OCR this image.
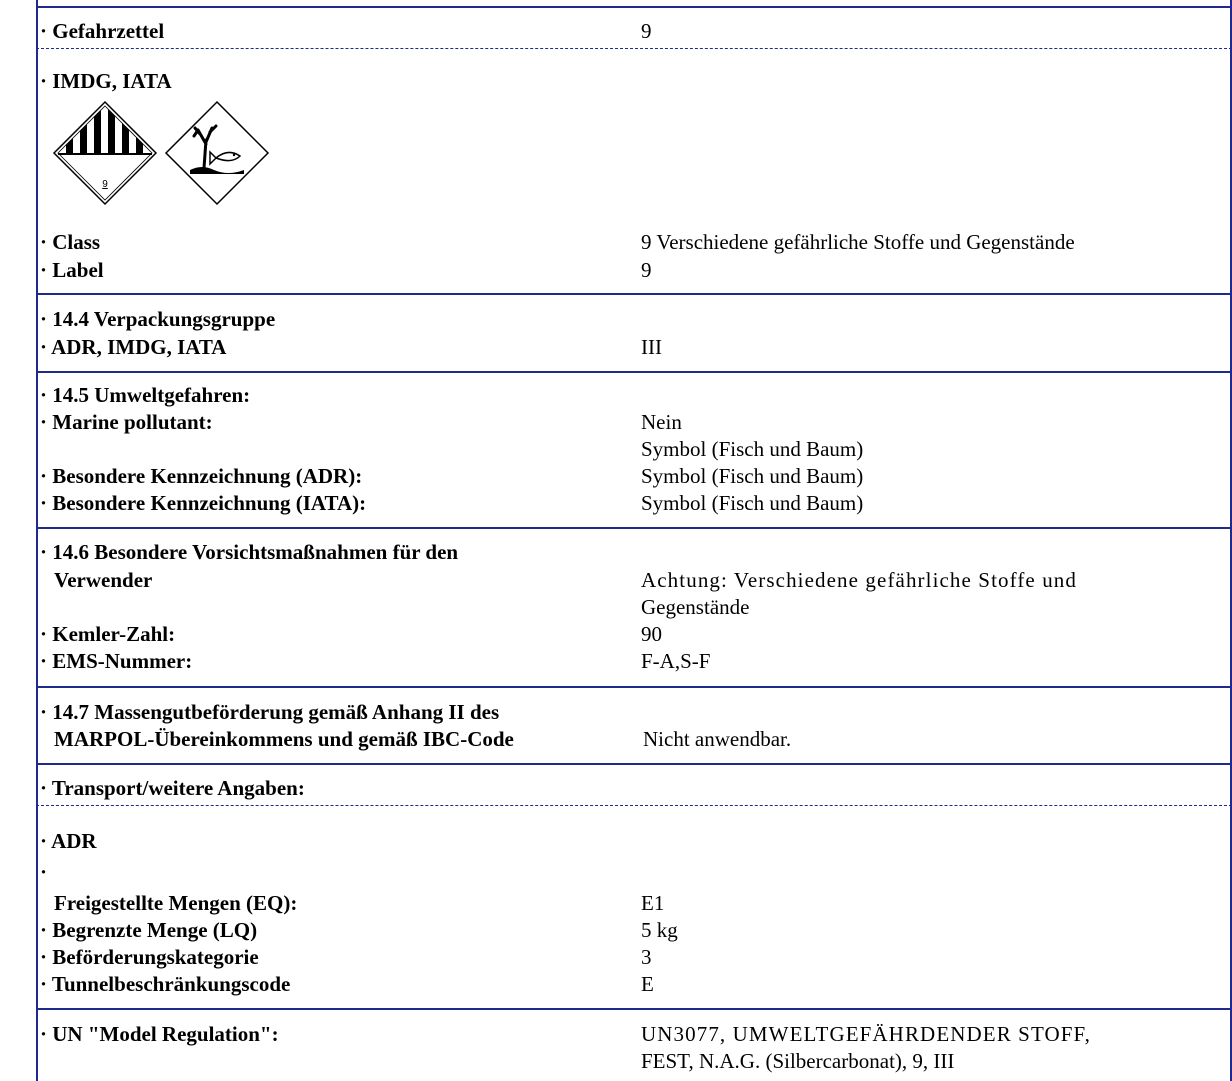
· Gefahrzettel	9
· IMDG, IATA
9
· Class	9 Verschiedene gefährliche Stoffe und Gegenstände
· Label	9
· 14.4 Verpackungsgruppe
· ADR, IMDG, IATA	III
· 14.5 Umweltgefahren:
· Marine pollutant:	Nein
Symbol (Fisch und Baum)
· Besondere Kennzeichnung (ADR):	Symbol (Fisch und Baum)
· Besondere Kennzeichnung (IATA):	Symbol (Fisch und Baum)
· 14.6 Besondere Vorsichtsmaßnahmen für den
Verwender	Achtung: Verschiedene gefährliche Stoffe und
Gegenstände
· Kemler-Zahl:	90
· EMS-Nummer:	F-A,S-F
· 14.7 Massengutbeförderung gemäß Anhang II des
MARPOL-Übereinkommens und gemäß IBC-Code	Nicht anwendbar.
· Transport/weitere Angaben:
· ADR
·
Freigestellte Mengen (EQ):	E1
· Begrenzte Menge (LQ)	5 kg
· Beförderungskategorie	3
· Tunnelbeschränkungscode	E
· UN "Model Regulation":	UN3077, UMWELTGEFÄHRDENDER STOFF,
FEST, N.A.G. (Silbercarbonat), 9, III
